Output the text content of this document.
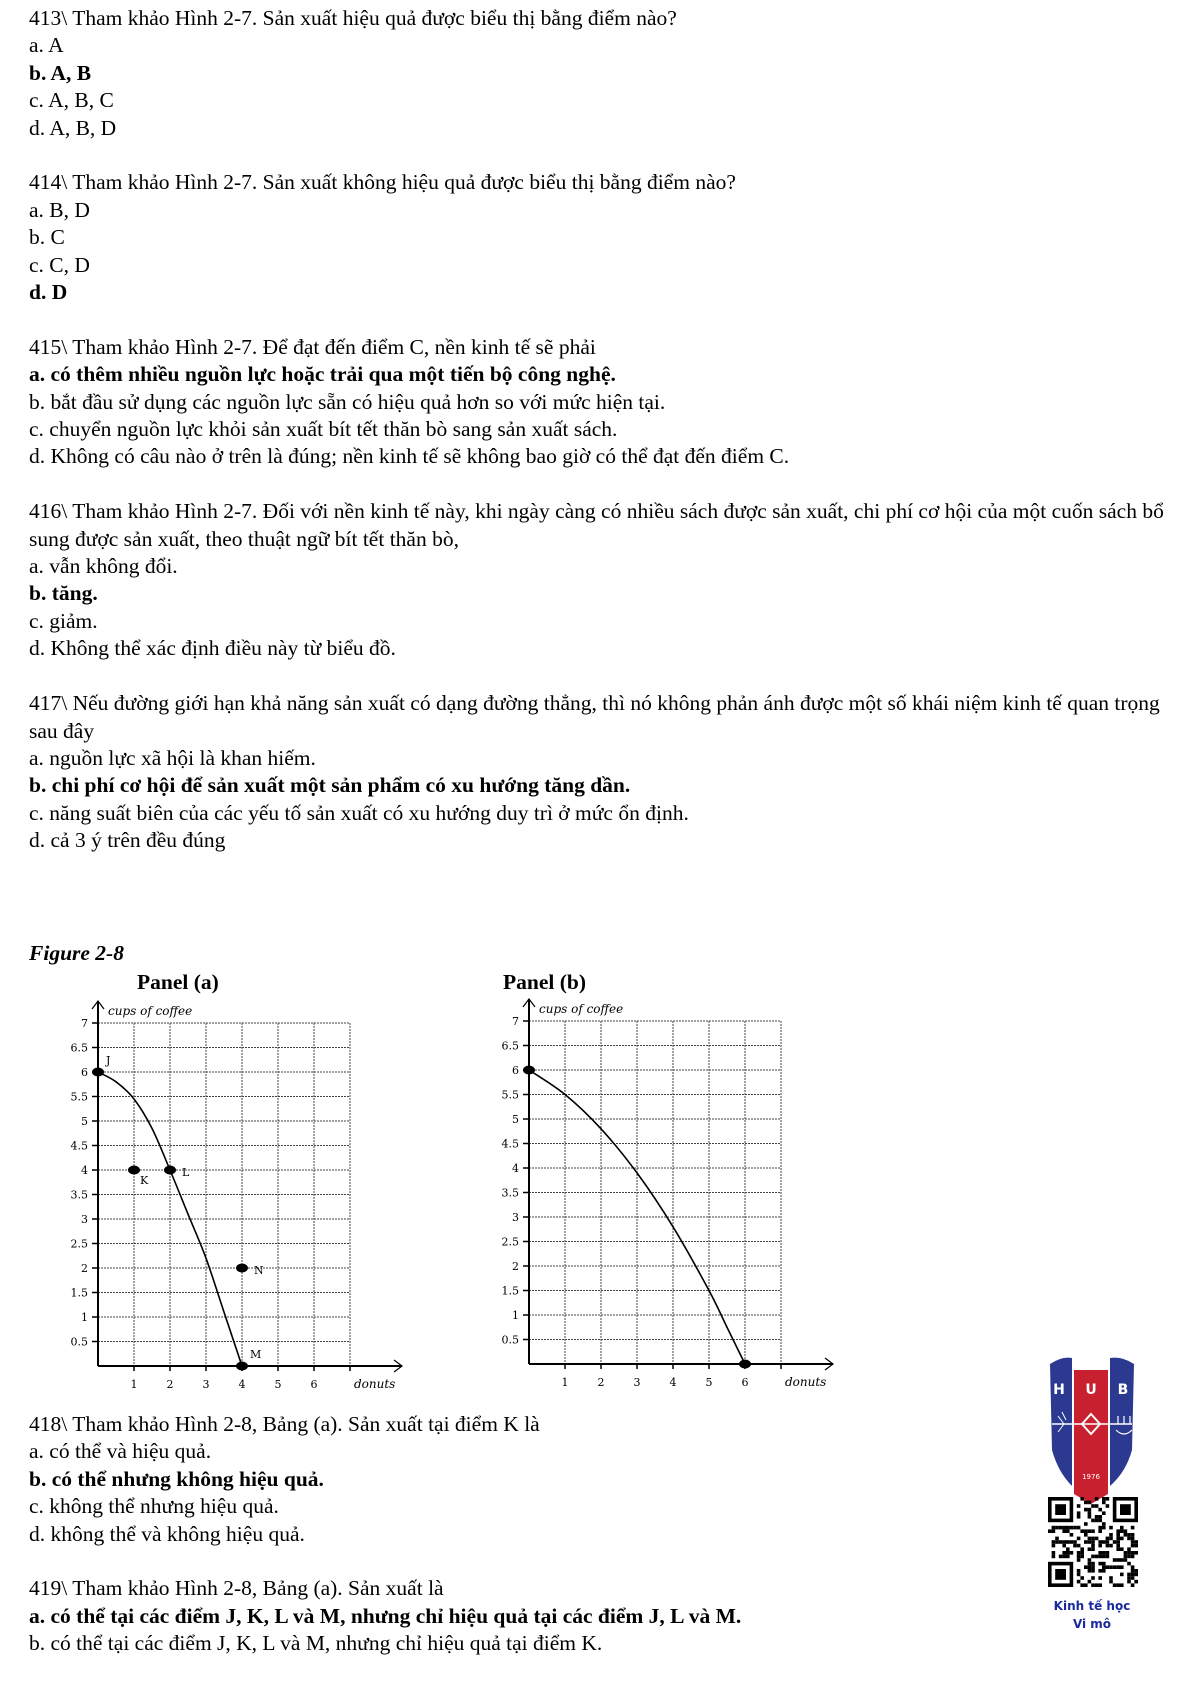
413\ Tham khảo Hình 2-7. Sản xuất hiệu quả được biểu thị bằng điểm nào?
a. A
b. A, B
c. A, B, C
d. A, B, D
414\ Tham khảo Hình 2-7. Sản xuất không hiệu quả được biểu thị bằng điểm nào?
a. B, D
b. C
c. C, D
d. D
415\ Tham khảo Hình 2-7. Để đạt đến điểm C, nền kinh tế sẽ phải
a. có thêm nhiều nguồn lực hoặc trải qua một tiến bộ công nghệ.
b. bắt đầu sử dụng các nguồn lực sẵn có hiệu quả hơn so với mức hiện tại.
c. chuyển nguồn lực khỏi sản xuất bít tết thăn bò sang sản xuất sách.
d. Không có câu nào ở trên là đúng; nền kinh tế sẽ không bao giờ có thể đạt đến điểm C.
416\ Tham khảo Hình 2-7. Đối với nền kinh tế này, khi ngày càng có nhiều sách được sản xuất, chi phí cơ hội của một cuốn sách bổ sung được sản xuất, theo thuật ngữ bít tết thăn bò,
a. vẫn không đổi.
b. tăng.
c. giảm.
d. Không thể xác định điều này từ biểu đồ.
417\ Nếu đường giới hạn khả năng sản xuất có dạng đường thẳng, thì nó không phản ánh được một số khái niệm kinh tế quan trọng sau đây
a. nguồn lực xã hội là khan hiếm.
b. chi phí cơ hội để sản xuất một sản phẩm có xu hướng tăng dần.
c. năng suất biên của các yếu tố sản xuất có xu hướng duy trì ở mức ổn định.
d. cả 3 ý trên đều đúng
Figure 2-8
Panel (a)	Panel (b)
0.5
1
1.5
2
2.5
3
3.5
4
4.5
5
5.5
6
6.5
7
1	2	3	4	5	6
cups of coffee
donuts
J
K
L
N
M
0.5
1
1.5
2
2.5
3
3.5
4
4.5
5
5.5
6
6.5
7
1	2	3	4	5	6
cups of coffee
donuts
418\ Tham khảo Hình 2-8, Bảng (a). Sản xuất tại điểm K là
a. có thể và hiệu quả.
b. có thể nhưng không hiệu quả.
c. không thể nhưng hiệu quả.
d. không thể và không hiệu quả.
419\ Tham khảo Hình 2-8, Bảng (a). Sản xuất là
a. có thể tại các điểm J, K, L và M, nhưng chỉ hiệu quả tại các điểm J, L và M.
b. có thể tại các điểm J, K, L và M, nhưng chỉ hiệu quả tại điểm K.
H U B
1976
Kinh tế học
Vi mô
